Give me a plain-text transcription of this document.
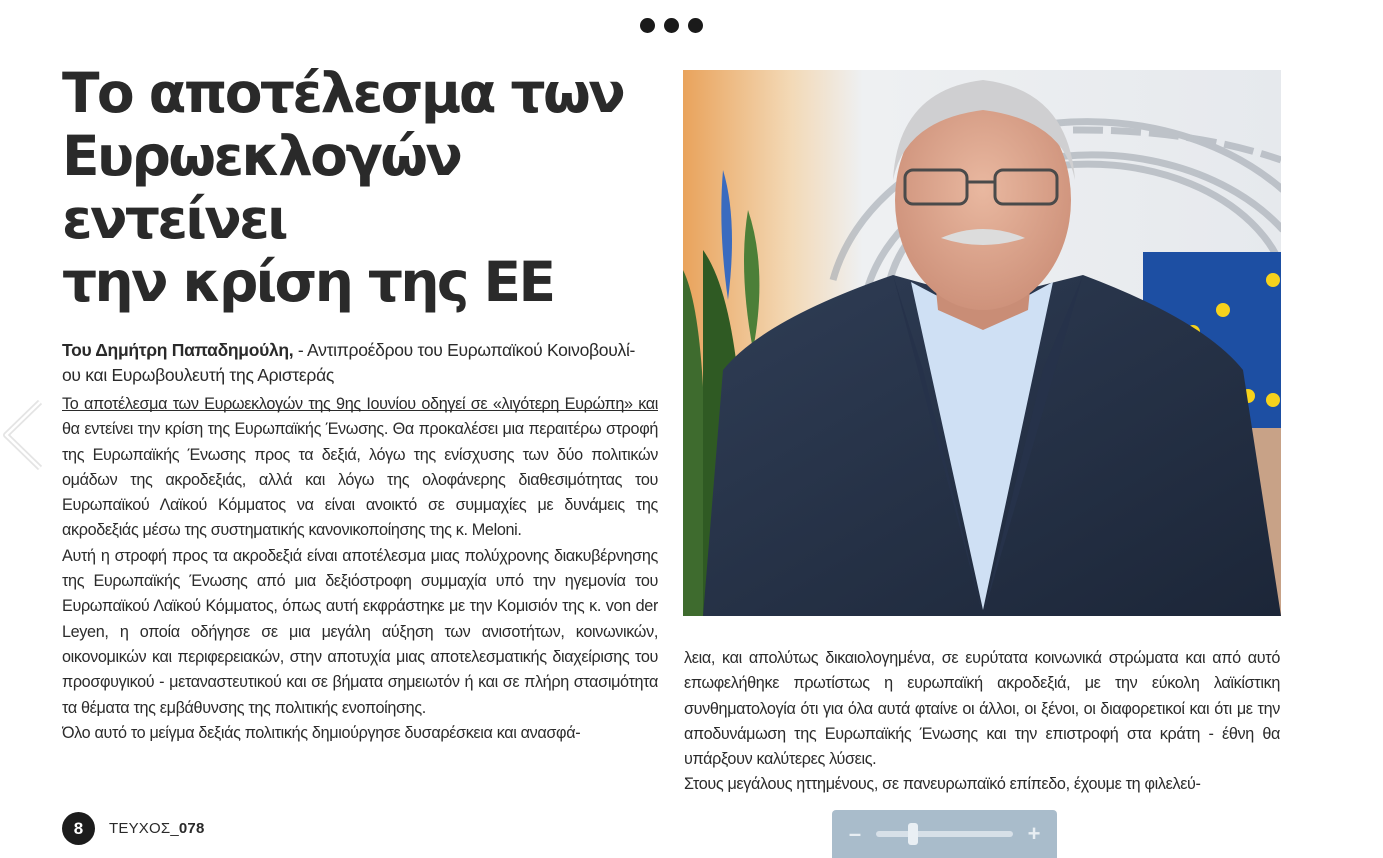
Το αποτέλεσμα των
Ευρωεκλογών εντείνει
την κρίση της ΕΕ
Του Δημήτρη Παπαδημούλη, - Αντιπροέδρου του Ευρωπαϊκού Κοινοβουλί-
ου και Ευρωβουλευτή της Αριστεράς

Το αποτέλεσμα των Ευρωεκλογών της 9ης Ιουνίου οδηγεί σε «λιγότερη Ευρώπη» και θα εντείνει την κρίση της Ευρωπαϊκής Ένωσης. Θα προκαλέσει μια περαιτέρω στροφή της Ευρωπαϊκής Ένωσης προς τα δεξιά, λόγω της ενίσχυσης των δύο πολιτικών ομάδων της ακροδεξιάς, αλλά και λόγω της ολοφάνερης διαθεσιμότητας του Ευρωπαϊκού Λαϊκού Κόμματος να είναι ανοικτό σε συμμαχίες με δυνάμεις της ακροδεξιάς μέσω της συστηματικής κανονικοποίησης της κ. Meloni.

Αυτή η στροφή προς τα ακροδεξιά είναι αποτέλεσμα μιας πολύχρονης διακυβέρνησης της Ευρωπαϊκής Ένωσης από μια δεξιόστροφη συμμαχία υπό την ηγεμονία του Ευρωπαϊκού Λαϊκού Κόμματος, όπως αυτή εκφράστηκε με την Κομισιόν της κ. von der Leyen, η οποία οδήγησε σε μια μεγάλη αύξηση των ανισοτήτων, κοινωνικών, οικονομικών και περιφερειακών, στην αποτυχία μιας αποτελεσματικής διαχείρισης του προσφυγικού - μεταναστευτικού και σε βήματα σημειωτόν ή και σε πλήρη στασιμότητα τα θέματα της εμβάθυνσης της πολιτικής ενοποίησης.

Όλο αυτό το μείγμα δεξιάς πολιτικής δημιούργησε δυσαρέσκεια και ανασφά-

λεια, και απολύτως δικαιολογημένα, σε ευρύτατα κοινωνικά στρώματα και από αυτό επωφελήθηκε πρωτίστως η ευρωπαϊκή ακροδεξιά, με την εύκολη λαϊκίστικη συνθηματολογία ότι για όλα αυτά φταίνε οι άλλοι, οι ξένοι, οι διαφορετικοί και ότι με την αποδυνάμωση της Ευρωπαϊκής Ένωσης και την επιστροφή στα κράτη - έθνη θα υπάρξουν καλύτερες λύσεις.

Στους μεγάλους ηττημένους, σε πανευρωπαϊκό επίπεδο, έχουμε τη φιλελεύ-

8	ΤΕΥΧΟΣ_078	–	+
